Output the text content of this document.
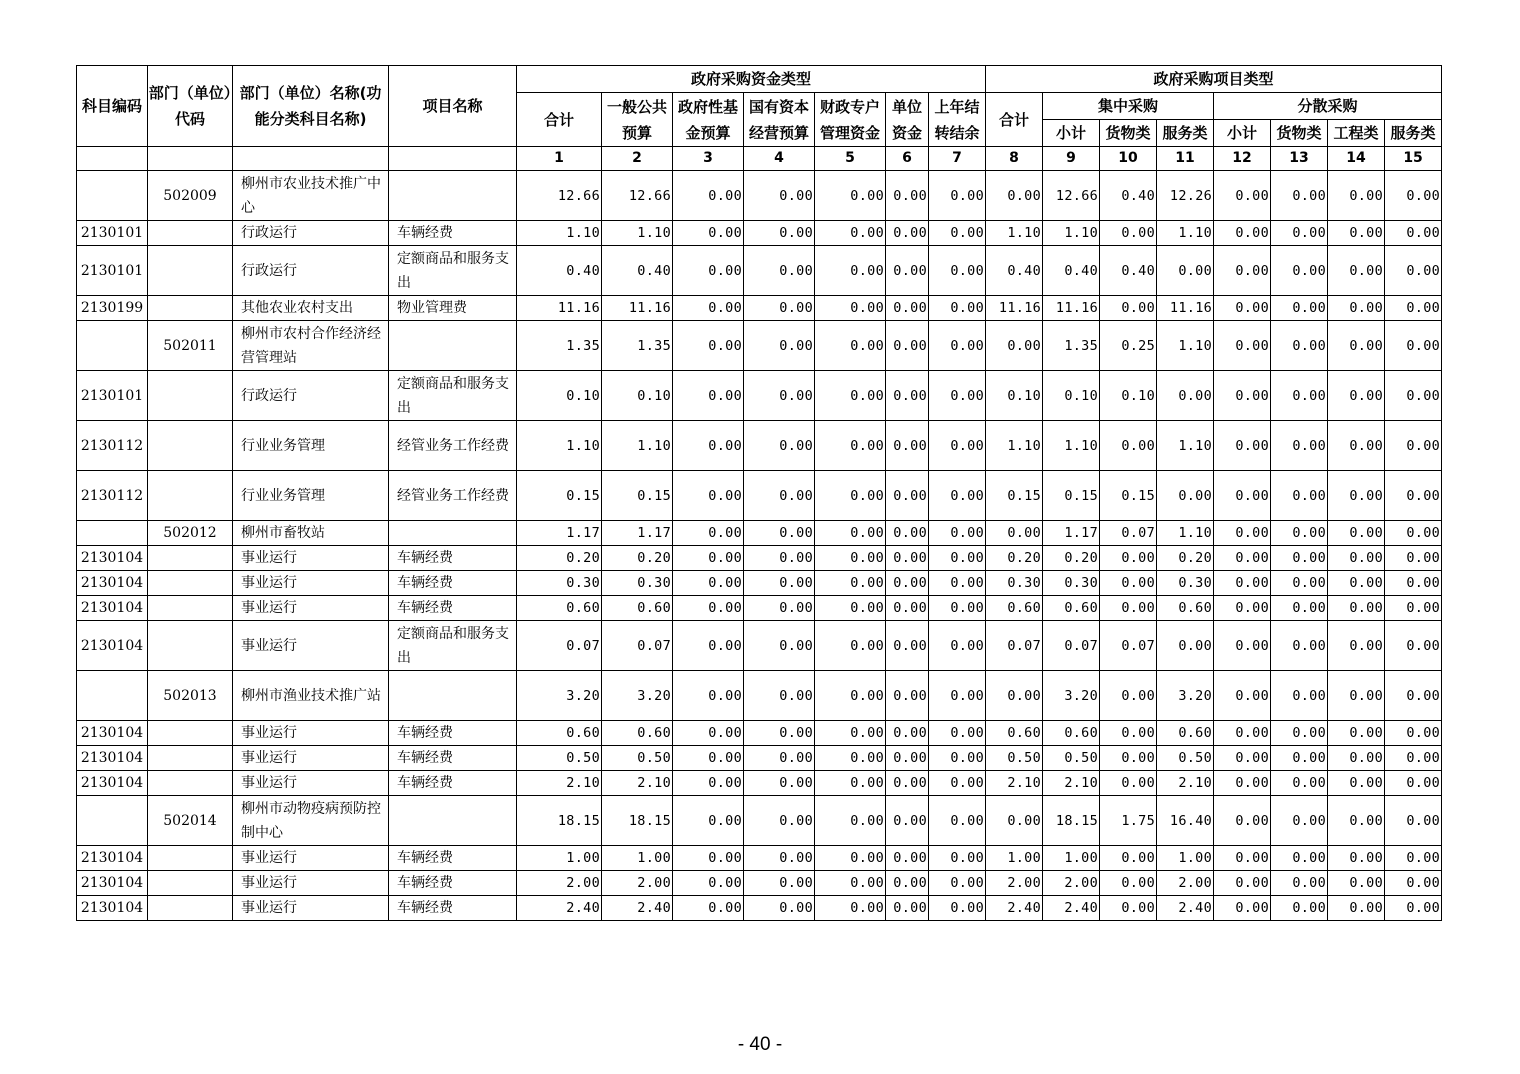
科目编码	部门（单位）代码	部门（单位）名称(功能分类科目名称)	项目名称	政府采购资金类型							政府采购项目类型							
				合计	一般公共预算	政府性基金预算	国有资本经营预算	财政专户管理资金	单位资金	上年结转结余	合计	集中采购			分散采购			
												小计	货物类	服务类	小计	货物类	工程类	服务类
				1	2	3	4	5	6	7	8	9	10	11	12	13	14	15
	502009	柳州市农业技术推广中心		12.66	12.66	0.00	0.00	0.00	0.00	0.00	0.00	12.66	0.40	12.26	0.00	0.00	0.00	0.00
2130101		行政运行	车辆经费	1.10	1.10	0.00	0.00	0.00	0.00	0.00	1.10	1.10	0.00	1.10	0.00	0.00	0.00	0.00
2130101		行政运行	定额商品和服务支出	0.40	0.40	0.00	0.00	0.00	0.00	0.00	0.40	0.40	0.40	0.00	0.00	0.00	0.00	0.00
2130199		其他农业农村支出	物业管理费	11.16	11.16	0.00	0.00	0.00	0.00	0.00	11.16	11.16	0.00	11.16	0.00	0.00	0.00	0.00
	502011	柳州市农村合作经济经营管理站		1.35	1.35	0.00	0.00	0.00	0.00	0.00	0.00	1.35	0.25	1.10	0.00	0.00	0.00	0.00
2130101		行政运行	定额商品和服务支出	0.10	0.10	0.00	0.00	0.00	0.00	0.00	0.10	0.10	0.10	0.00	0.00	0.00	0.00	0.00
2130112		行业业务管理	经管业务工作经费	1.10	1.10	0.00	0.00	0.00	0.00	0.00	1.10	1.10	0.00	1.10	0.00	0.00	0.00	0.00
2130112		行业业务管理	经管业务工作经费	0.15	0.15	0.00	0.00	0.00	0.00	0.00	0.15	0.15	0.15	0.00	0.00	0.00	0.00	0.00
	502012	柳州市畜牧站		1.17	1.17	0.00	0.00	0.00	0.00	0.00	0.00	1.17	0.07	1.10	0.00	0.00	0.00	0.00
2130104		事业运行	车辆经费	0.20	0.20	0.00	0.00	0.00	0.00	0.00	0.20	0.20	0.00	0.20	0.00	0.00	0.00	0.00
2130104		事业运行	车辆经费	0.30	0.30	0.00	0.00	0.00	0.00	0.00	0.30	0.30	0.00	0.30	0.00	0.00	0.00	0.00
2130104		事业运行	车辆经费	0.60	0.60	0.00	0.00	0.00	0.00	0.00	0.60	0.60	0.00	0.60	0.00	0.00	0.00	0.00
2130104		事业运行	定额商品和服务支出	0.07	0.07	0.00	0.00	0.00	0.00	0.00	0.07	0.07	0.07	0.00	0.00	0.00	0.00	0.00
	502013	柳州市渔业技术推广站		3.20	3.20	0.00	0.00	0.00	0.00	0.00	0.00	3.20	0.00	3.20	0.00	0.00	0.00	0.00
2130104		事业运行	车辆经费	0.60	0.60	0.00	0.00	0.00	0.00	0.00	0.60	0.60	0.00	0.60	0.00	0.00	0.00	0.00
2130104		事业运行	车辆经费	0.50	0.50	0.00	0.00	0.00	0.00	0.00	0.50	0.50	0.00	0.50	0.00	0.00	0.00	0.00
2130104		事业运行	车辆经费	2.10	2.10	0.00	0.00	0.00	0.00	0.00	2.10	2.10	0.00	2.10	0.00	0.00	0.00	0.00
	502014	柳州市动物疫病预防控制中心		18.15	18.15	0.00	0.00	0.00	0.00	0.00	0.00	18.15	1.75	16.40	0.00	0.00	0.00	0.00
2130104		事业运行	车辆经费	1.00	1.00	0.00	0.00	0.00	0.00	0.00	1.00	1.00	0.00	1.00	0.00	0.00	0.00	0.00
2130104		事业运行	车辆经费	2.00	2.00	0.00	0.00	0.00	0.00	0.00	2.00	2.00	0.00	2.00	0.00	0.00	0.00	0.00
2130104		事业运行	车辆经费	2.40	2.40	0.00	0.00	0.00	0.00	0.00	2.40	2.40	0.00	2.40	0.00	0.00	0.00	0.00
- 40 -
